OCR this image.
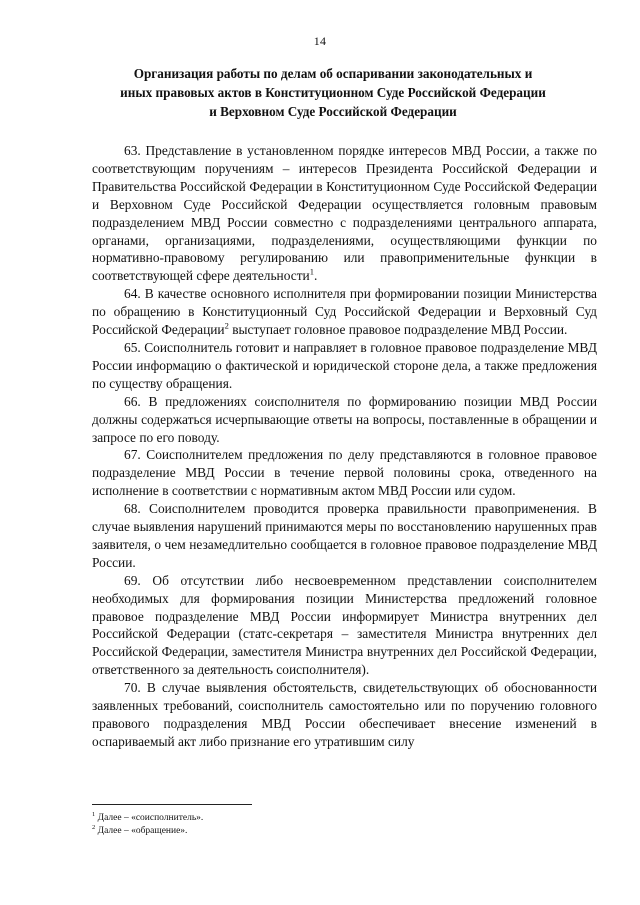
14
Организация работы по делам об оспаривании законодательных и иных правовых актов в Конституционном Суде Российской Федерации и Верховном Суде Российской Федерации

63. Представление в установленном порядке интересов МВД России, а также по соответствующим поручениям – интересов Президента Российской Федерации и Правительства Российской Федерации в Конституционном Суде Российской Федерации и Верховном Суде Российской Федерации осуществляется головным правовым подразделением МВД России совместно с подразделениями центрального аппарата, органами, организациями, подразделениями, осуществляющими функции по нормативно-правовому регулированию или правоприменительные функции в соответствующей сфере деятельности$^1$.

64. В качестве основного исполнителя при формировании позиции Министерства по обращению в Конституционный Суд Российской Федерации и Верховный Суд Российской Федерации$^2$ выступает головное правовое подразделение МВД России.

65. Соисполнитель готовит и направляет в головное правовое подразделение МВД России информацию о фактической и юридической стороне дела, а также предложения по существу обращения.

66. В предложениях соисполнителя по формированию позиции МВД России должны содержаться исчерпывающие ответы на вопросы, поставленные в обращении и запросе по его поводу.

67. Соисполнителем предложения по делу представляются в головное правовое подразделение МВД России в течение первой половины срока, отведенного на исполнение в соответствии с нормативным актом МВД России или судом.

68. Соисполнителем проводится проверка правильности правоприменения. В случае выявления нарушений принимаются меры по восстановлению нарушенных прав заявителя, о чем незамедлительно сообщается в головное правовое подразделение МВД России.

69. Об отсутствии либо несвоевременном представлении соисполнителем необходимых для формирования позиции Министерства предложений головное правовое подразделение МВД России информирует Министра внутренних дел Российской Федерации (статс-секретаря – заместителя Министра внутренних дел Российской Федерации, заместителя Министра внутренних дел Российской Федерации, ответственного за деятельность соисполнителя).

70. В случае выявления обстоятельств, свидетельствующих об обоснованности заявленных требований, соисполнитель самостоятельно или по поручению головного правового подразделения МВД России обеспечивает внесение изменений в оспариваемый акт либо признание его утратившим силу

$^1$ Далее – «соисполнитель».

$^2$ Далее – «обращение».
